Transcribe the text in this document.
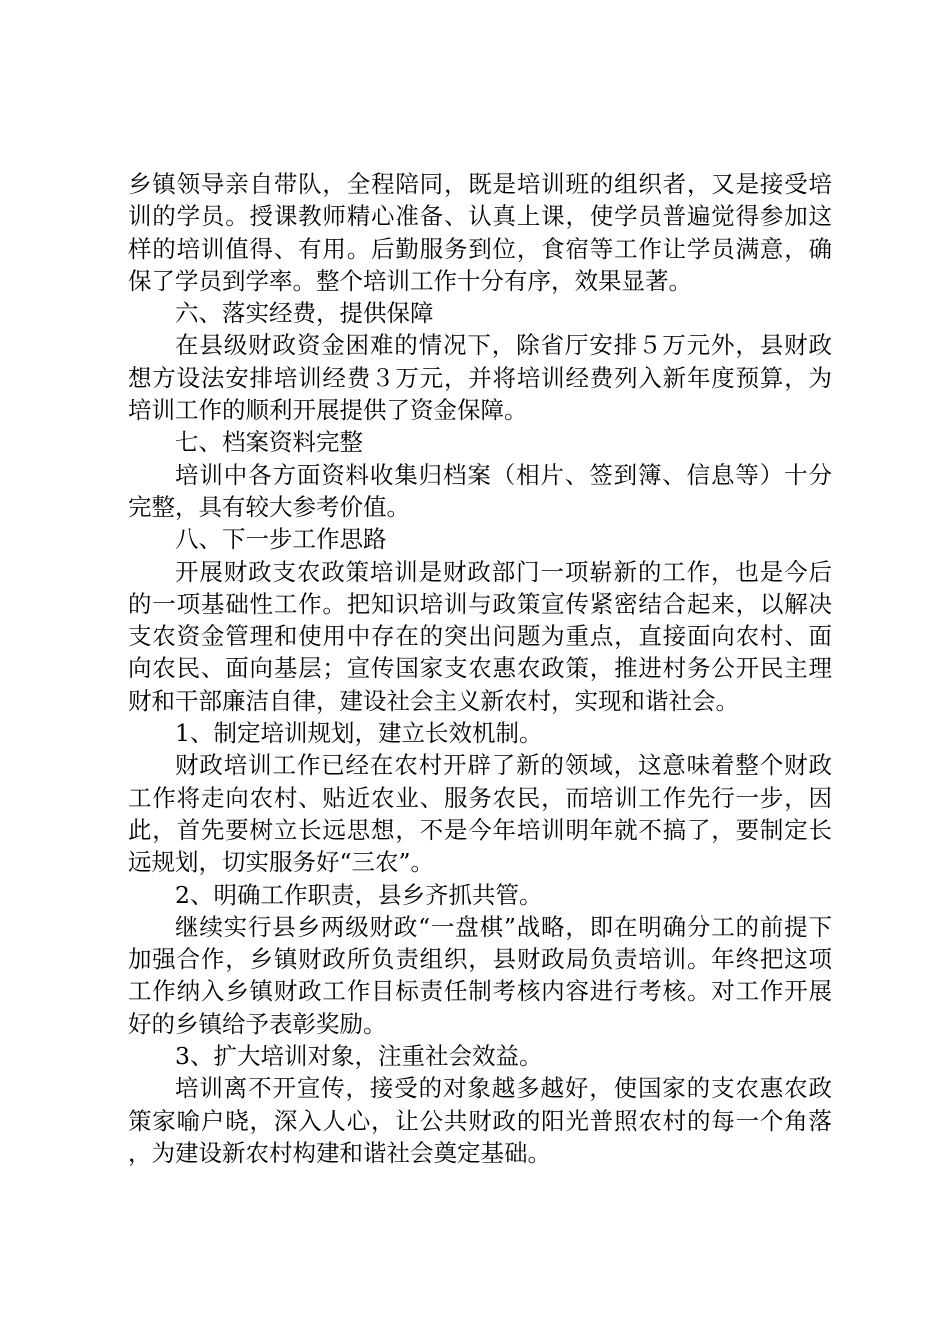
乡镇领导亲自带队，全程陪同，既是培训班的组织者，又是接受培训的学员。授课教师精心准备、认真上课，使学员普遍觉得参加这样的培训值得、有用。后勤服务到位，食宿等工作让学员满意，确保了学员到学率。整个培训工作十分有序，效果显著。

六、落实经费，提供保障

在县级财政资金困难的情况下，除省厅安排５万元外，县财政想方设法安排培训经费３万元，并将培训经费列入新年度预算，为培训工作的顺利开展提供了资金保障。

七、档案资料完整

培训中各方面资料收集归档案（相片、签到簿、信息等）十分完整，具有较大参考价值。

八、下一步工作思路

开展财政支农政策培训是财政部门一项崭新的工作，也是今后的一项基础性工作。把知识培训与政策宣传紧密结合起来，以解决支农资金管理和使用中存在的突出问题为重点，直接面向农村、面向农民、面向基层；宣传国家支农惠农政策，推进村务公开民主理财和干部廉洁自律，建设社会主义新农村，实现和谐社会。

1、制定培训规划，建立长效机制。

财政培训工作已经在农村开辟了新的领域，这意味着整个财政工作将走向农村、贴近农业、服务农民，而培训工作先行一步，因此，首先要树立长远思想，不是今年培训明年就不搞了，要制定长远规划，切实服务好“三农”。

2、明确工作职责，县乡齐抓共管。

继续实行县乡两级财政“一盘棋”战略，即在明确分工的前提下加强合作，乡镇财政所负责组织，县财政局负责培训。年终把这项工作纳入乡镇财政工作目标责任制考核内容进行考核。对工作开展好的乡镇给予表彰奖励。

3、扩大培训对象，注重社会效益。

培训离不开宣传，接受的对象越多越好，使国家的支农惠农政策家喻户晓，深入人心，让公共财政的阳光普照农村的每一个角落，为建设新农村构建和谐社会奠定基础。
